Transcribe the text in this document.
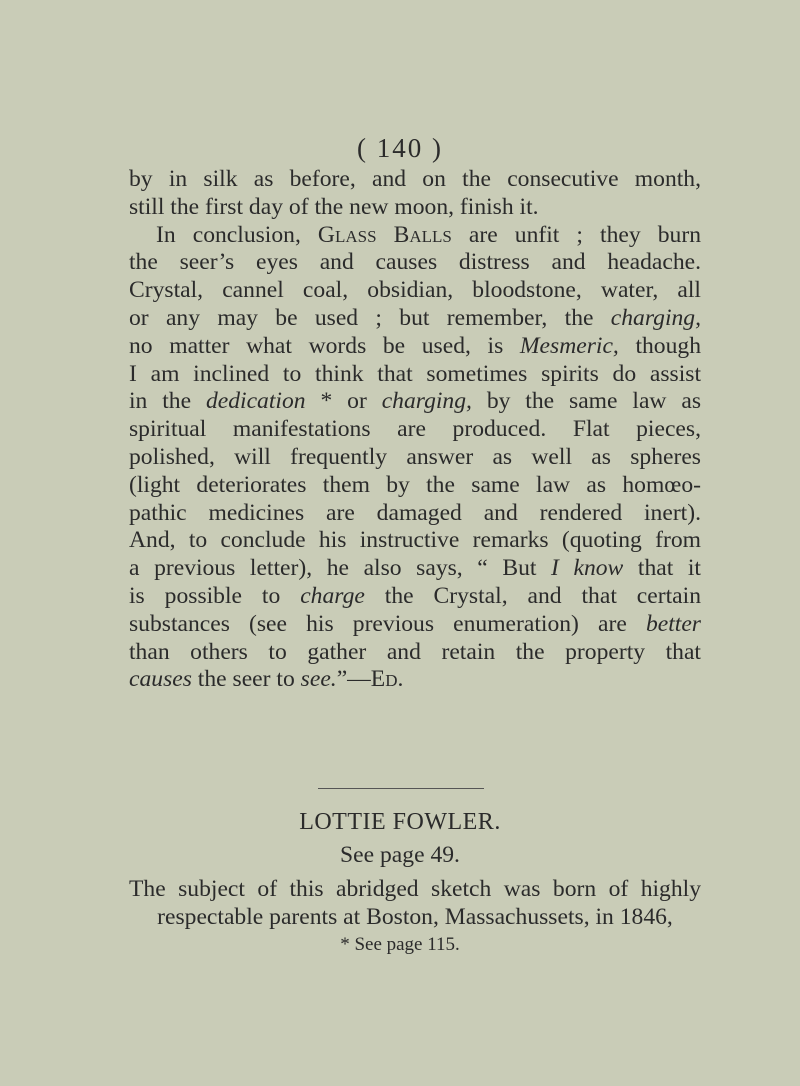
( 140 )
by in silk as before, and on the consecutive month,
still the first day of the new moon, finish it.
In conclusion, Glass Balls are unfit ; they burn
the seer’s eyes and causes distress and headache.
Crystal, cannel coal, obsidian, bloodstone, water, all
or any may be used ; but remember, the charging,
no matter what words be used, is Mesmeric, though
I am inclined to think that sometimes spirits do assist
in the dedication * or charging, by the same law as
spiritual manifestations are produced. Flat pieces,
polished, will frequently answer as well as spheres
(light deteriorates them by the same law as homœo-
pathic medicines are damaged and rendered inert).
And, to conclude his instructive remarks (quoting from
a previous letter), he also says, “ But I know that it
is possible to charge the Crystal, and that certain
substances (see his previous enumeration) are better
than others to gather and retain the property that
causes the seer to see.”—Ed.
LOTTIE FOWLER.
See page 49.
The subject of this abridged sketch was born of highly
respectable parents at Boston, Massachussets, in 1846,
* See page 115.
